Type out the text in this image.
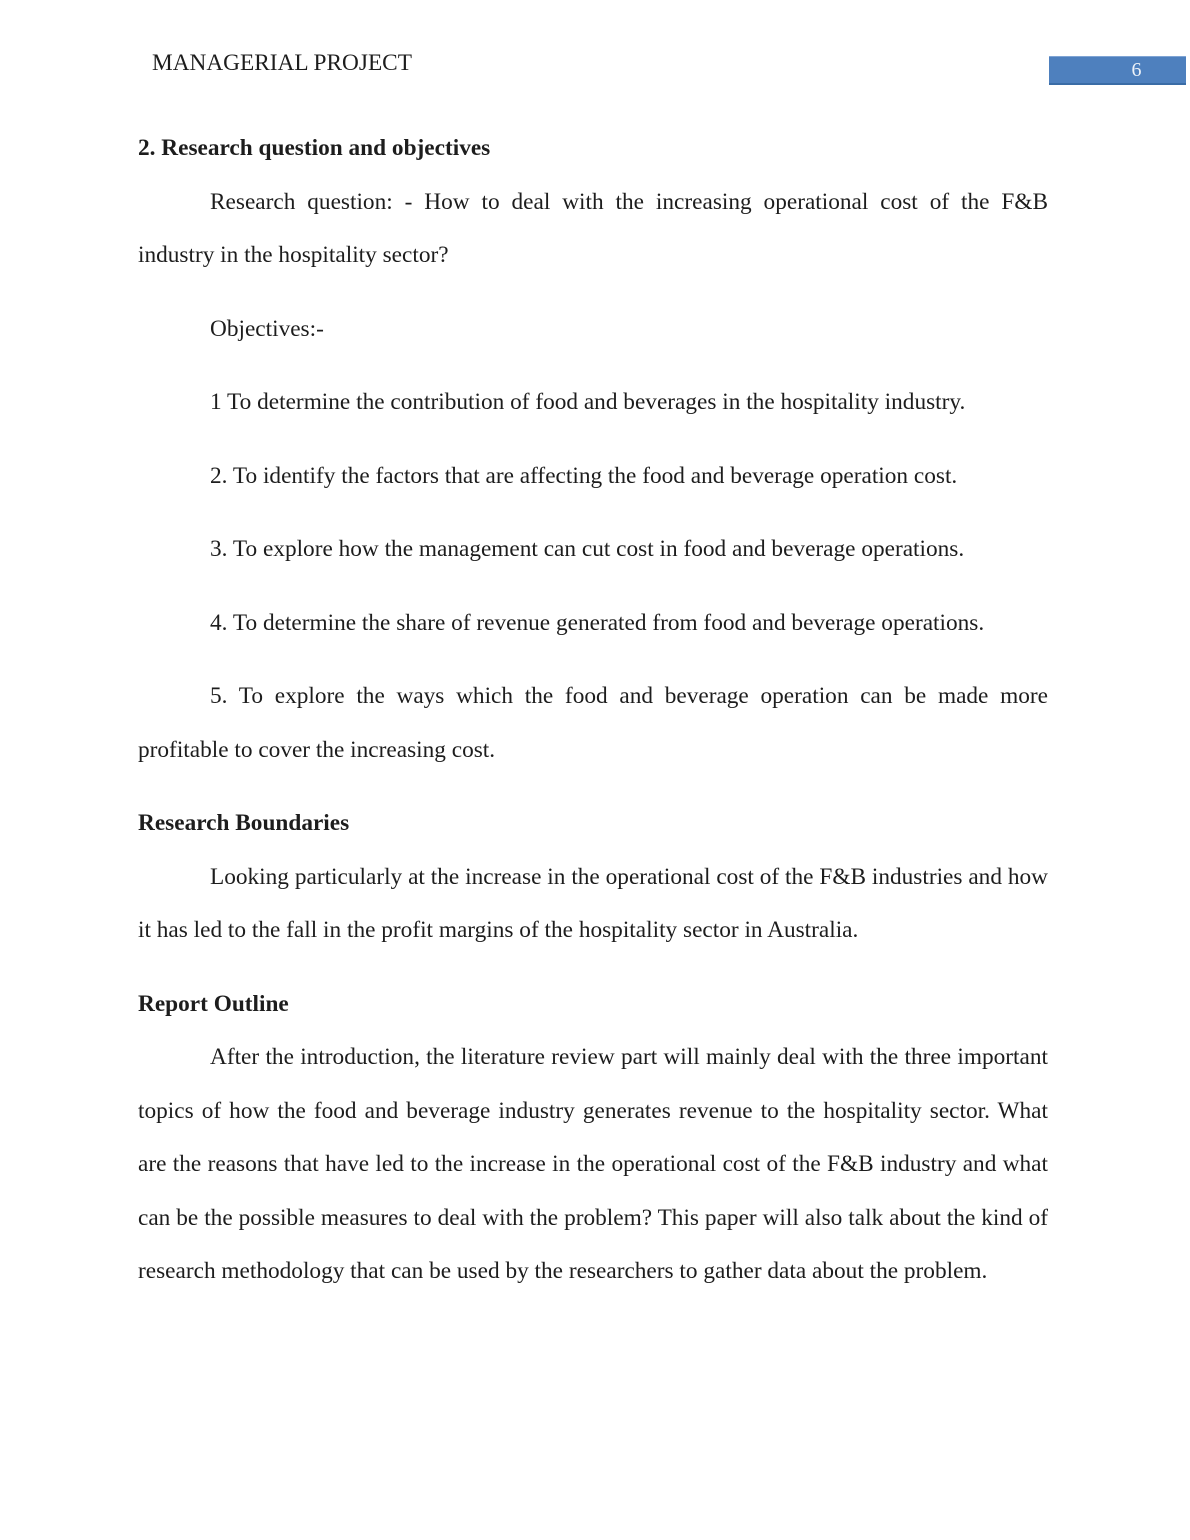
MANAGERIAL PROJECT	6
2. Research question and objectives

Research question: - How to deal with the increasing operational cost of the F&B industry in the hospitality sector?

Objectives:-

1 To determine the contribution of food and beverages in the hospitality industry.

2. To identify the factors that are affecting the food and beverage operation cost.

3. To explore how the management can cut cost in food and beverage operations.

4. To determine the share of revenue generated from food and beverage operations.

5. To explore the ways which the food and beverage operation can be made more profitable to cover the increasing cost.

Research Boundaries

Looking particularly at the increase in the operational cost of the F&B industries and how it has led to the fall in the profit margins of the hospitality sector in Australia.

Report Outline

After the introduction, the literature review part will mainly deal with the three important topics of how the food and beverage industry generates revenue to the hospitality sector. What are the reasons that have led to the increase in the operational cost of the F&B industry and what can be the possible measures to deal with the problem? This paper will also talk about the kind of research methodology that can be used by the researchers to gather data about the problem.
